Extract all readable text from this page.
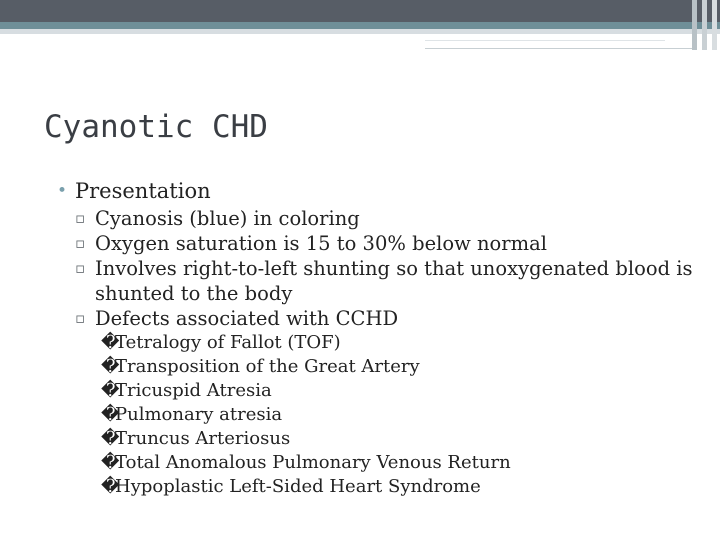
Cyanotic CHD
• Presentation
▫ Cyanosis (blue) in coloring
▫ Oxygen saturation is 15 to 30% below normal
▫ Involves right-to-left shunting so that unoxygenated blood is shunted to the body
▫ Defects associated with CCHD
�Tetralogy of Fallot (TOF)
�Transposition of the Great Artery
�Tricuspid Atresia
�Pulmonary atresia
�Truncus Arteriosus
�Total Anomalous Pulmonary Venous Return
�Hypoplastic Left-Sided Heart Syndrome
